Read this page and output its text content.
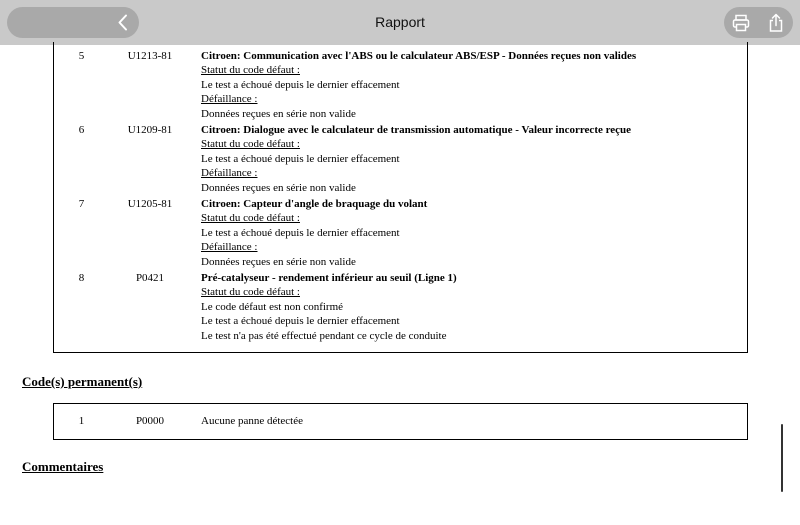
Rapport
5	U1213-81	Citroen: Communication avec l'ABS ou le calculateur ABS/ESP - Données reçues non valides
Statut du code défaut :
Le test a échoué depuis le dernier effacement
Défaillance :
Données reçues en série non valide
6	U1209-81	Citroen: Dialogue avec le calculateur de transmission automatique - Valeur incorrecte reçue
Statut du code défaut :
Le test a échoué depuis le dernier effacement
Défaillance :
Données reçues en série non valide
7	U1205-81	Citroen: Capteur d'angle de braquage du volant
Statut du code défaut :
Le test a échoué depuis le dernier effacement
Défaillance :
Données reçues en série non valide
8	P0421	Pré-catalyseur - rendement inférieur au seuil (Ligne 1)
Statut du code défaut :
Le code défaut est non confirmé
Le test a échoué depuis le dernier effacement
Le test n'a pas été effectué pendant ce cycle de conduite
Code(s) permanent(s)
1	P0000	Aucune panne détectée
Commentaires
